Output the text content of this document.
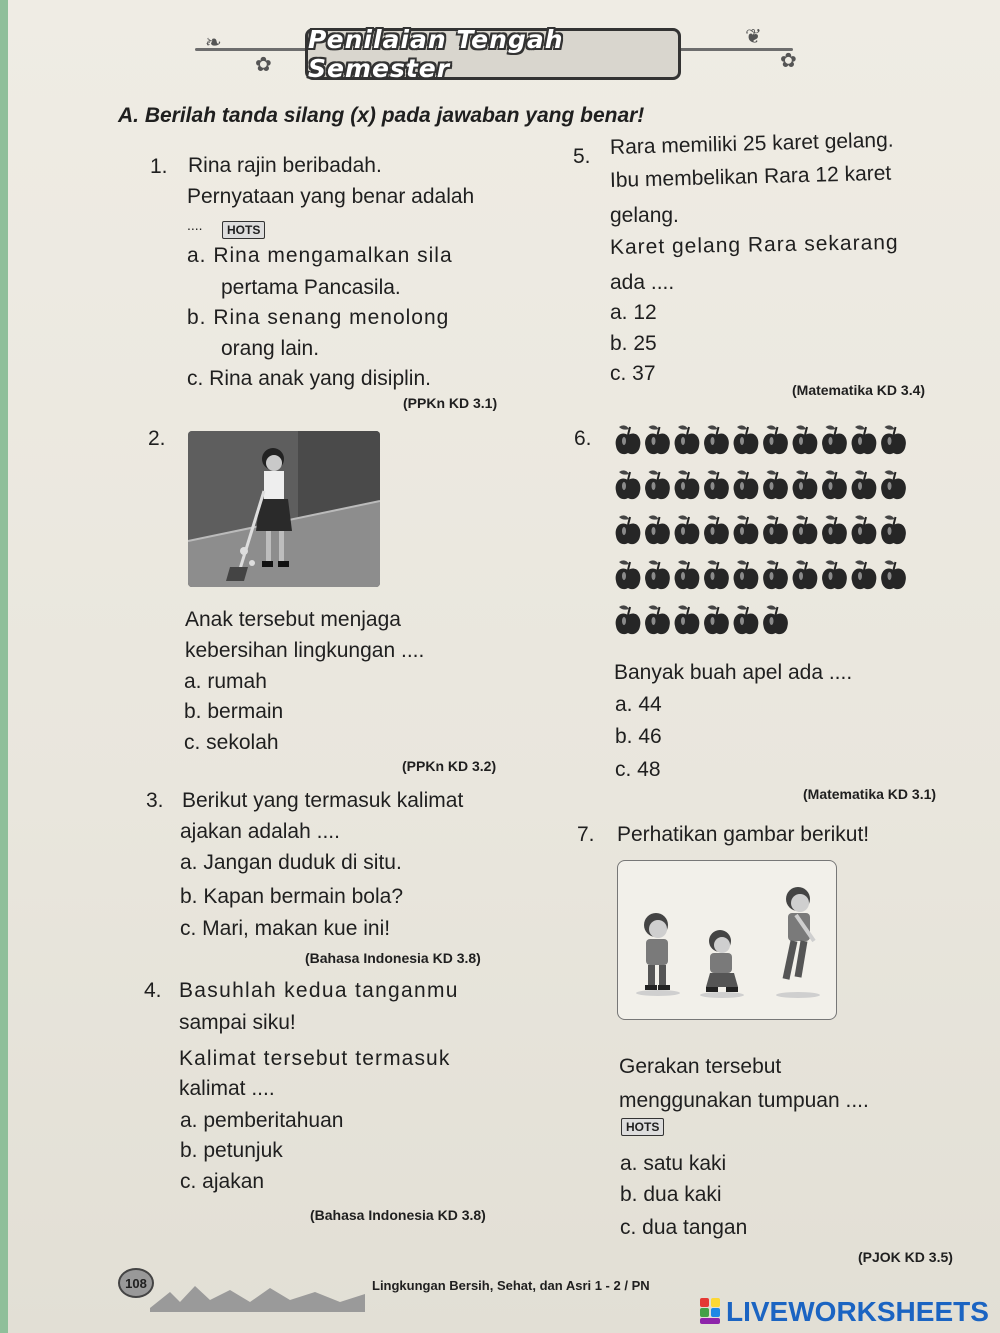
❧
✿
❦
✿
Penilaian Tengah Semester
A. Berilah tanda silang (x) pada jawaban yang benar!
1. Rina rajin beribadah.
Pernyataan yang benar adalah
....	HOTS
a. Rina mengamalkan sila
pertama Pancasila.
b. Rina senang menolong
orang lain.
c. Rina anak yang disiplin.
(PPKn KD 3.1)
2.
Anak tersebut menjaga
kebersihan lingkungan ....
a. rumah
b. bermain
c. sekolah
(PPKn KD 3.2)
3. Berikut yang termasuk kalimat
ajakan adalah ....
a. Jangan duduk di situ.
b. Kapan bermain bola?
c. Mari, makan kue ini!
(Bahasa Indonesia KD 3.8)
4. Basuhlah kedua tanganmu
sampai siku!
Kalimat tersebut termasuk
kalimat ....
a. pemberitahuan
b. petunjuk
c. ajakan
(Bahasa Indonesia KD 3.8)
5. Rara memiliki 25 karet gelang.
Ibu membelikan Rara 12 karet
gelang.
Karet gelang Rara sekarang
ada ....
a. 12
b. 25
c. 37
(Matematika KD 3.4)
6.
Banyak buah apel ada ....
a. 44
b. 46
c. 48
(Matematika KD 3.1)
7. Perhatikan gambar berikut!
Gerakan tersebut
menggunakan tumpuan ....
HOTS
a. satu kaki
b. dua kaki
c. dua tangan
(PJOK KD 3.5)
108	Lingkungan Bersih, Sehat, dan Asri 1 - 2 / PN
LIVEWORKSHEETS
